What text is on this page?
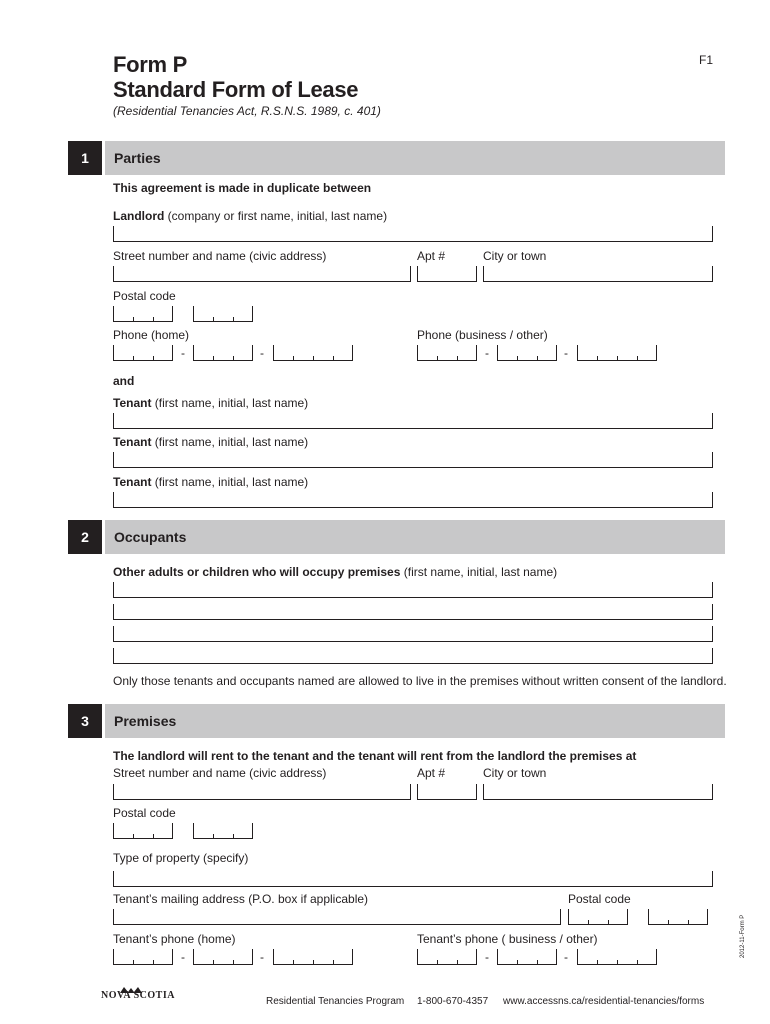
Form P
Standard Form of Lease
(Residential Tenancies Act, R.S.N.S. 1989, c. 401)
F1
1	Parties
This agreement is made in duplicate between
Landlord (company or first name, initial, last name)
Street number and name (civic address)	Apt #	City or town
Postal code
Phone (home)	Phone (business / other)
-	-	-	-
and
Tenant (first name, initial, last name)
Tenant (first name, initial, last name)
Tenant (first name, initial, last name)
2	Occupants
Other adults or children who will occupy premises (first name, initial, last name)
Only those tenants and occupants named are allowed to live in the premises without written consent of the landlord.
3	Premises
The landlord will rent to the tenant and the tenant will rent from the landlord the premises at
Street number and name (civic address)	Apt #	City or town
Postal code
Type of property (specify)
Tenant’s mailing address (P.O. box if applicable)	Postal code
Tenant’s phone (home)	Tenant’s phone ( business / other)
-	-	-	-
NOVA SCOTIA
Residential Tenancies Program 1-800-670-4357 www.accessns.ca/residential-tenancies/forms
2012-11-Form P
